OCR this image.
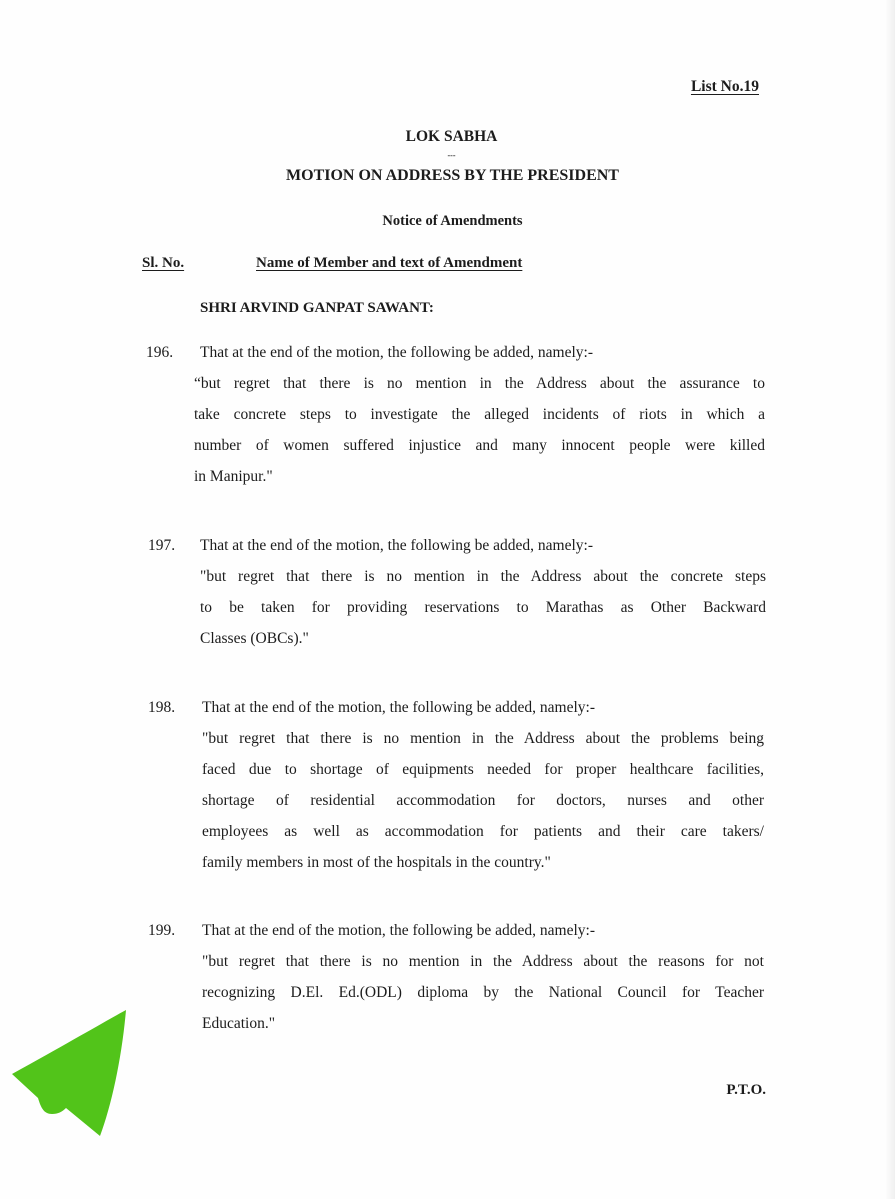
List No.19
LOK SABHA
---
MOTION ON ADDRESS BY THE PRESIDENT
Notice of Amendments
Sl. No.	Name of Member and text of Amendment
SHRI ARVIND GANPAT SAWANT:
196. That at the end of the motion, the following be added, namely:-
“but regret that there is no mention in the Address about the assurance to
take concrete steps to investigate the alleged incidents of riots in which a
number of women suffered injustice and many innocent people were killed
in Manipur."
197. That at the end of the motion, the following be added, namely:-
"but regret that there is no mention in the Address about the concrete steps
to be taken for providing reservations to Marathas as Other Backward
Classes (OBCs)."
198. That at the end of the motion, the following be added, namely:-
"but regret that there is no mention in the Address about the problems being
faced due to shortage of equipments needed for proper healthcare facilities,
shortage of residential accommodation for doctors, nurses and other
employees as well as accommodation for patients and their care takers/
family members in most of the hospitals in the country."
199. That at the end of the motion, the following be added, namely:-
"but regret that there is no mention in the Address about the reasons for not
recognizing D.El. Ed.(ODL) diploma by the National Council for Teacher
Education."
P.T.O.
